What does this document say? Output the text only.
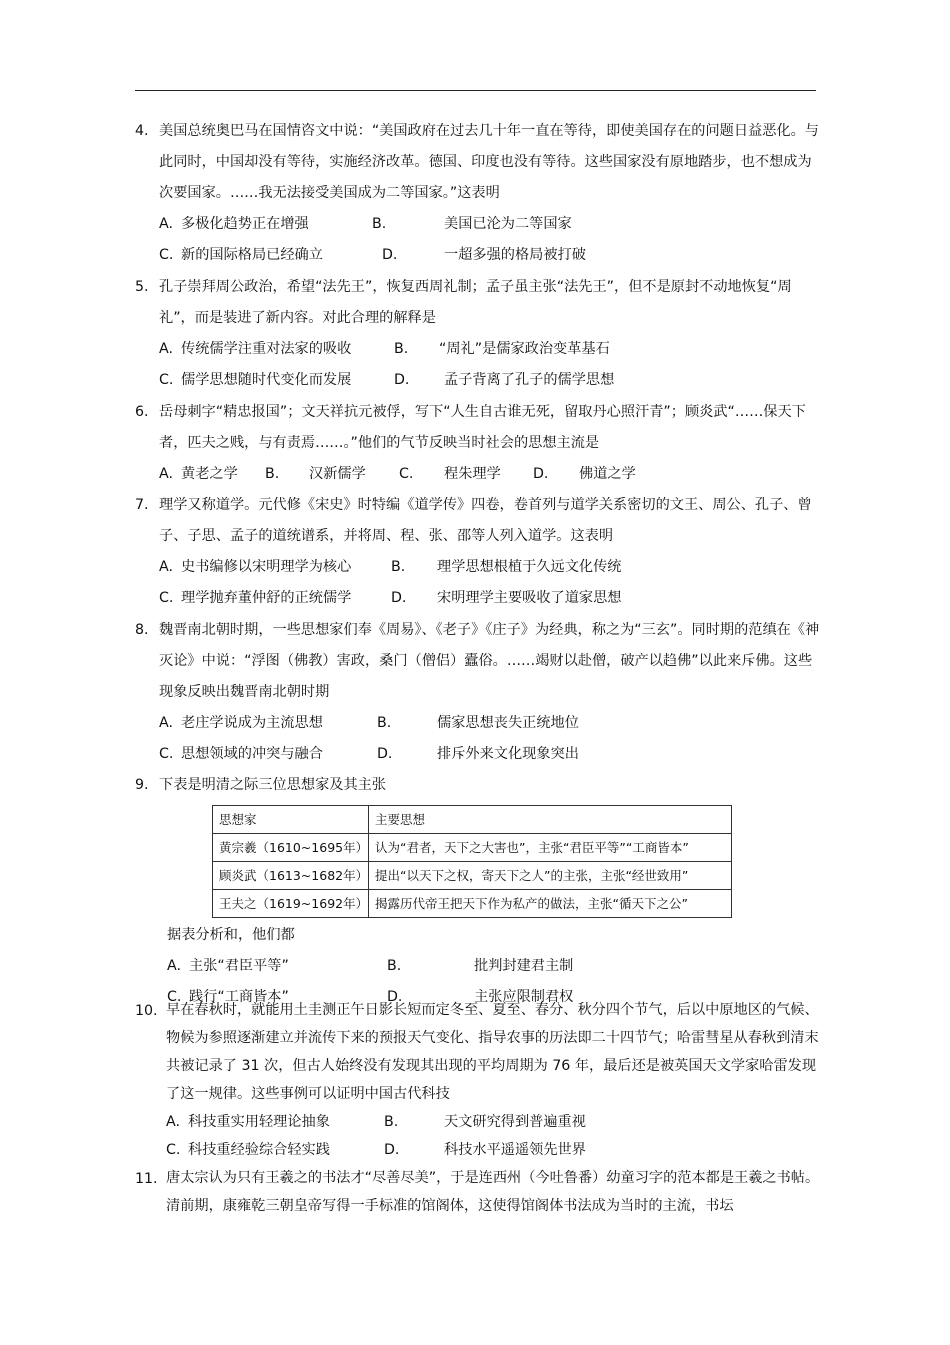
4. 美国总统奥巴马在国情咨文中说：“美国政府在过去几十年一直在等待，即使美国存在的问题日益恶化。与此同时，中国却没有等待，实施经济改革。德国、印度也没有等待。这些国家没有原地踏步，也不想成为次要国家。……我无法接受美国成为二等国家。”这表明
A. 多极化趋势正在增强	B.	美国已沦为二等国家
C. 新的国际格局已经确立	D.	一超多强的格局被打破
5. 孔子崇拜周公政治，希望“法先王”，恢复西周礼制；孟子虽主张“法先王”，但不是原封不动地恢复“周礼”，而是装进了新内容。对此合理的解释是
A. 传统儒学注重对法家的吸收	B. “周礼”是儒家政治变革基石
C. 儒学思想随时代变化而发展	D. 孟子背离了孔子的儒学思想
6. 岳母刺字“精忠报国”；文天祥抗元被俘，写下“人生自古谁无死，留取丹心照汗青”；顾炎武“……保天下者，匹夫之贱，与有责焉……。”他们的气节反映当时社会的思想主流是
A. 黄老之学 B. 汉新儒学 C. 程朱理学 D. 佛道之学
7. 理学又称道学。元代修《宋史》时特编《道学传》四卷，卷首列与道学关系密切的文王、周公、孔子、曾子、子思、孟子的道统谱系，并将周、程、张、邵等人列入道学。这表明
A. 史书编修以宋明理学为核心	B. 理学思想根植于久远文化传统
C. 理学抛弃董仲舒的正统儒学	D. 宋明理学主要吸收了道家思想
8. 魏晋南北朝时期，一些思想家们奉《周易》、《老子》《庄子》为经典，称之为“三玄”。同时期的范缜在《神灭论》中说：“浮图（佛教）害政，桑门（僧侣）蠹俗。……竭财以赴僧，破产以趋佛”以此来斥佛。这些现象反映出魏晋南北朝时期
A. 老庄学说成为主流思想	B.	儒家思想丧失正统地位
C. 思想领域的冲突与融合	D.	排斥外来文化现象突出
9. 下表是明清之际三位思想家及其主张
思想家	主要思想
黄宗羲（1610~1695年）	认为“君者，天下之大害也”，主张“君臣平等”“工商皆本”
顾炎武（1613~1682年）	提出“以天下之权，寄天下之人”的主张，主张“经世致用”
王夫之（1619~1692年）	揭露历代帝王把天下作为私产的做法，主张“循天下之公”
据表分析和，他们都
A. 主张“君臣平等”	B.	批判封建君主制
C. 践行“工商皆本”	D.	主张应限制君权
10. 早在春秋时，就能用土圭测正午日影长短而定冬至、夏至、春分、秋分四个节气，后以中原地区的气候、物候为参照逐渐建立并流传下来的预报天气变化、指导农事的历法即二十四节气；哈雷彗星从春秋到清末共被记录了 31 次，但古人始终没有发现其出现的平均周期为 76 年，最后还是被英国天文学家哈雷发现了这一规律。这些事例可以证明中国古代科技
A. 科技重实用轻理论抽象	B.	天文研究得到普遍重视
C. 科技重经验综合轻实践	D.	科技水平遥遥领先世界
11. 唐太宗认为只有王羲之的书法才“尽善尽美”，于是连西州（今吐鲁番）幼童习字的范本都是王羲之书帖。清前期，康雍乾三朝皇帝写得一手标准的馆阁体，这使得馆阁体书法成为当时的主流，书坛
